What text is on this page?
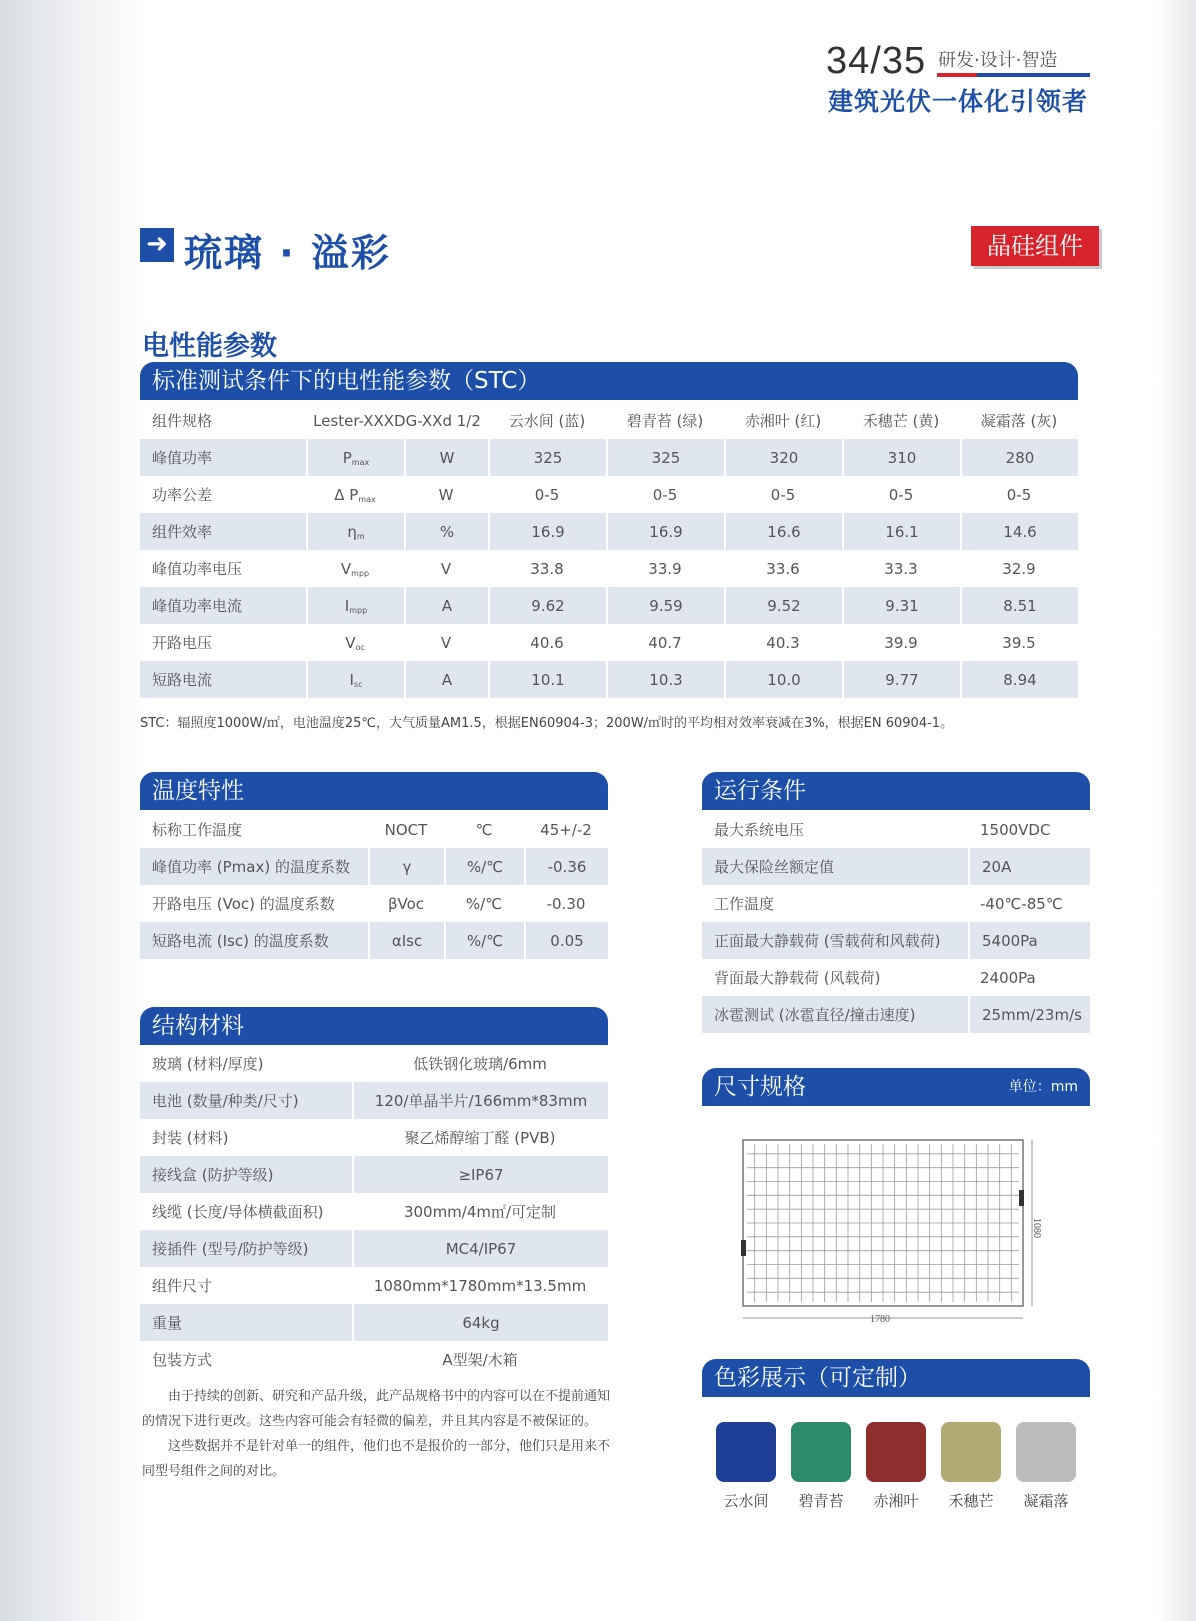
34/35 研发·设计·智造
建筑光伏一体化引领者
➜ 琉璃 · 溢彩	晶硅组件
电性能参数
标准测试条件下的电性能参数（STC）
组件规格	Lester-XXXDG-XXd 1/2		云水间 (蓝)	碧青苔 (绿)	赤湘叶 (红)	禾穗芒 (黄)	凝霜落 (灰)
峰值功率	$P_{max}$	W	325	325	320	310	280
功率公差	Δ $P_{max}$	W	0-5	0-5	0-5	0-5	0-5
组件效率	$\eta_m$	%	16.9	16.9	16.6	16.1	14.6
峰值功率电压	$V_{mpp}$	V	33.8	33.9	33.6	33.3	32.9
峰值功率电流	$I_{mpp}$	A	9.62	9.59	9.52	9.31	8.51
开路电压	$V_{oc}$	V	40.6	40.7	40.3	39.9	39.5
短路电流	$I_{sc}$	A	10.1	10.3	10.0	9.77	8.94
STC：辐照度1000W/㎡，电池温度25℃，大气质量AM1.5，根据EN60904-3；200W/㎡时的平均相对效率衰减在3%，根据EN 60904-1。
温度特性
标称工作温度	NOCT	℃	45+/-2
峰值功率 (Pmax) 的温度系数	γ	%/℃	-0.36
开路电压 (Voc) 的温度系数	βVoc	%/℃	-0.30
短路电流 (Isc) 的温度系数	αIsc	%/℃	0.05
结构材料
玻璃 (材料/厚度)	低铁钢化玻璃/6mm
电池 (数量/种类/尺寸)	120/单晶半片/166mm*83mm
封装 (材料)	聚乙烯醇缩丁醛 (PVB)
接线盒 (防护等级)	≥IP67
线缆 (长度/导体横截面积)	300mm/4m㎡/可定制
接插件 (型号/防护等级)	MC4/IP67
组件尺寸	1080mm*1780mm*13.5mm
重量	64kg
包装方式	A型架/木箱

由于持续的创新、研究和产品升级，此产品规格书中的内容可以在不提前通知的情况下进行更改。这些内容可能会有轻微的偏差，并且其内容是不被保证的。

这些数据并不是针对单一的组件，他们也不是报价的一部分，他们只是用来不同型号组件之间的对比。

运行条件
最大系统电压	1500VDC
最大保险丝额定值	20A
工作温度	-40℃-85℃
正面最大静载荷 (雪载荷和风载荷)	5400Pa
背面最大静载荷 (风载荷)	2400Pa
冰雹测试 (冰雹直径/撞击速度)	25mm/23m/s
尺寸规格	单位：mm
1780
1080
色彩展示（可定制）
云水间	碧青苔	赤湘叶	禾穗芒	凝霜落
